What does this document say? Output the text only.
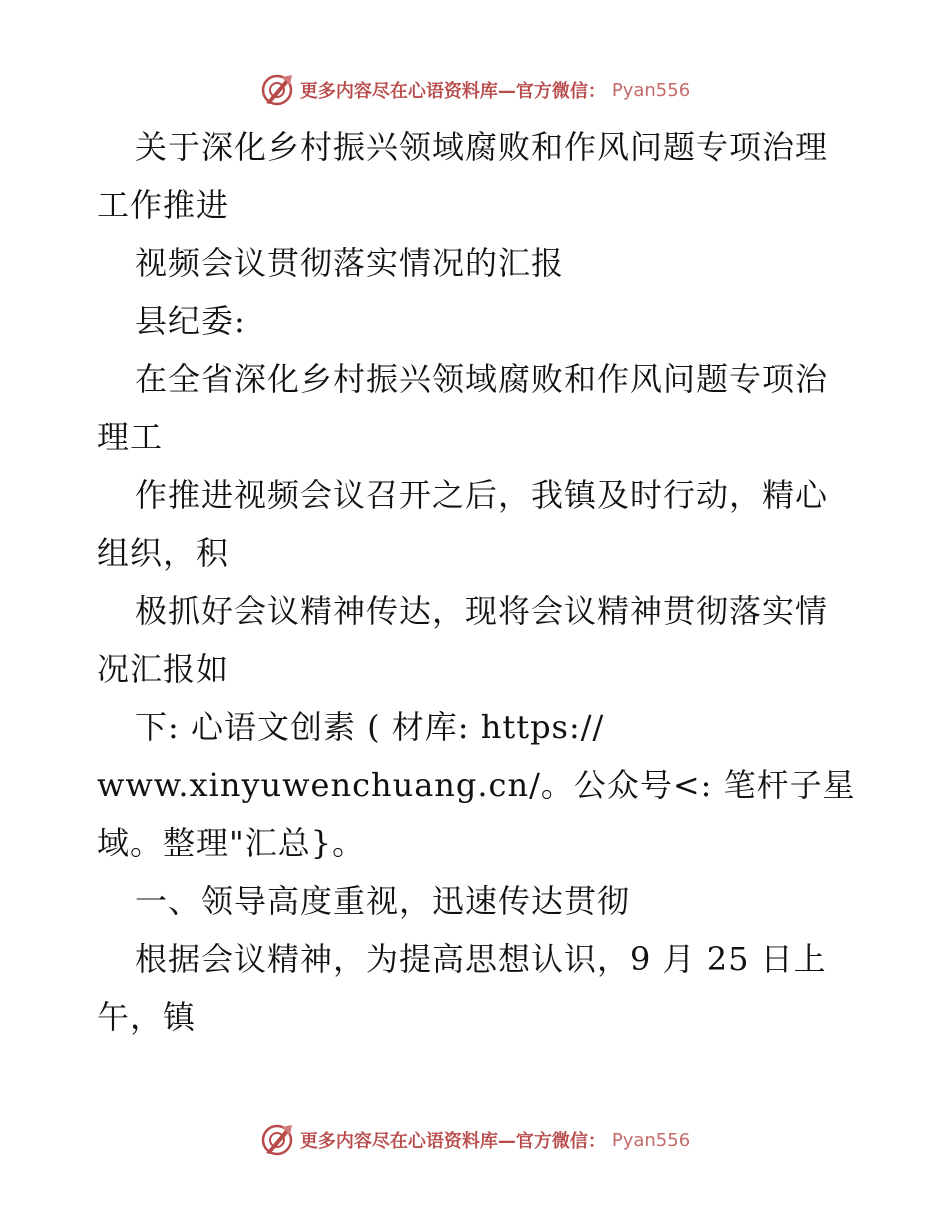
更多内容尽在心语资料库—官方微信： Pyan556
关于深化乡村振兴领域腐败和作风问题专项治理
工作推进
视频会议贯彻落实情况的汇报
县纪委:
在全省深化乡村振兴领域腐败和作风问题专项治
理工
作推进视频会议召开之后，我镇及时行动，精心
组织，积
极抓好会议精神传达，现将会议精神贯彻落实情
况汇报如
下: 心语文创素 ( 材库: https://
www.xinyuwenchuang.cn/。公众号<: 笔杆子星
域。整理"汇总}。
一、领导高度重视，迅速传达贯彻
根据会议精神，为提高思想认识，9 月 25 日上
午，镇
更多内容尽在心语资料库—官方微信： Pyan556
